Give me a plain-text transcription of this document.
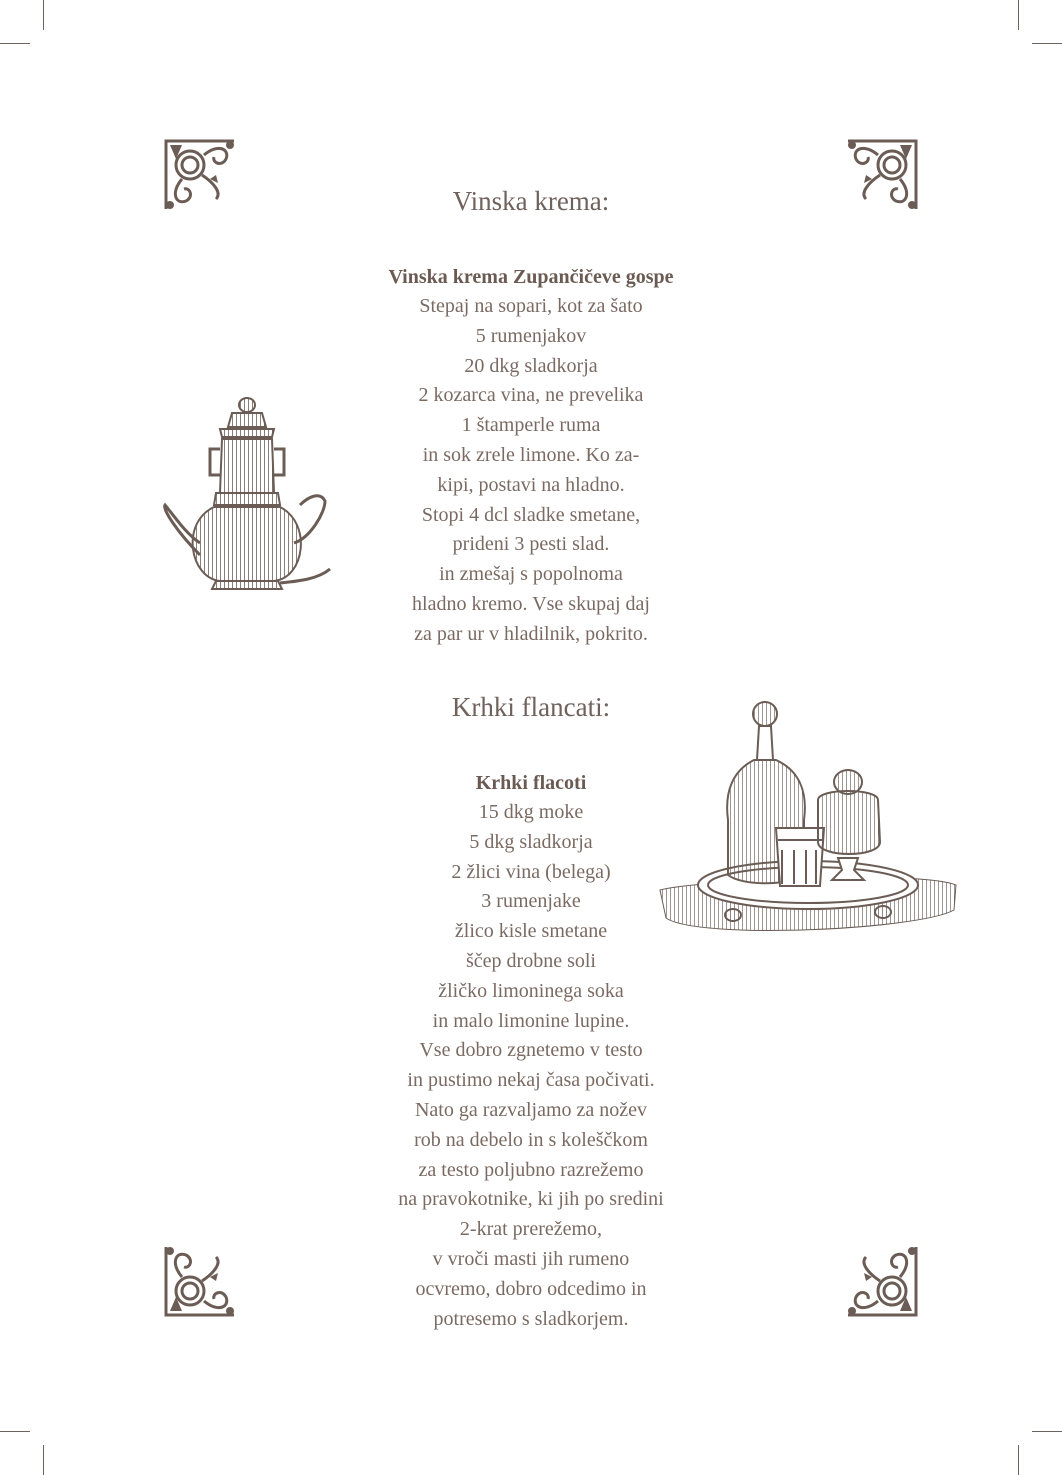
Vinska krema:
Vinska krema Zupančičeve gospe
Stepaj na sopari, kot za šato
5 rumenjakov
20 dkg sladkorja
2 kozarca vina, ne prevelika
1 štamperle ruma
in sok zrele limone. Ko za-
kipi, postavi na hladno.
Stopi 4 dcl sladke smetane,
prideni 3 pesti slad.
in zmešaj s popolnoma
hladno kremo. Vse skupaj daj
za par ur v hladilnik, pokrito.
Krhki flancati:
Krhki flacoti
15 dkg moke
5 dkg sladkorja
2 žlici vina (belega)
3 rumenjake
žlico kisle smetane
ščep drobne soli
žličko limoninega soka
in malo limonine lupine.
Vse dobro zgnetemo v testo
in pustimo nekaj časa počivati.
Nato ga razvaljamo za nožev
rob na debelo in s koleščkom
za testo poljubno razrežemo
na pravokotnike, ki jih po sredini
2-krat prerežemo,
v vroči masti jih rumeno
ocvremo, dobro odcedimo in
potresemo s sladkorjem.
